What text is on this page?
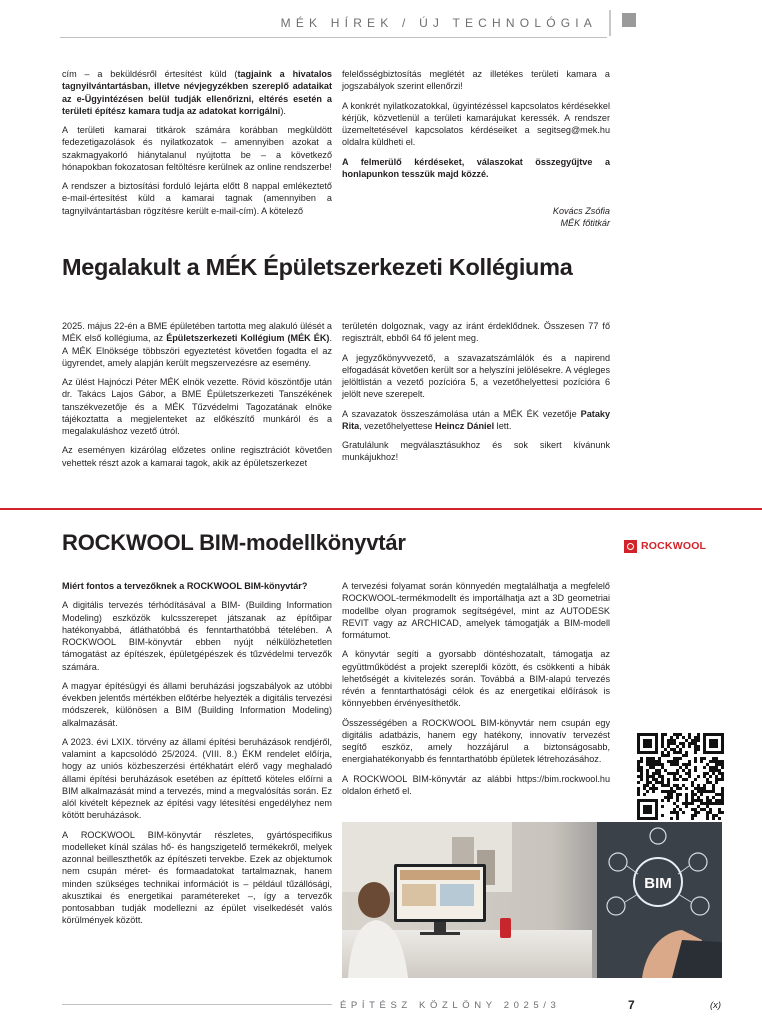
MÉK HÍREK / ÚJ TECHNOLÓGIA

cím – a beküldésről értesítést küld (tagjaink a hivatalos tagnyilvántartásban, illetve névjegyzékben szereplő adataikat az e-Ügyintézésen belül tudják ellenőrizni, eltérés esetén a területi építész kamara tudja az adatokat korrigálni).

A területi kamarai titkárok számára korábban megküldött fedezetigazolások és nyilatkozatok – amennyiben azokat a szakmagyakorló hiánytalanul nyújtotta be – a következő hónapokban fokozatosan feltöltésre kerülnek az online rendszerbe!

A rendszer a biztosítási forduló lejárta előtt 8 nappal emlékeztető e-mail-értesítést küld a kamarai tagnak (amennyiben a tagnyilvántartásban rögzítésre került e-mail-cím). A kötelező

felelősségbiztosítás meglétét az illetékes területi kamara a jogszabályok szerint ellenőrzi!

A konkrét nyilatkozatokkal, ügyintézéssel kapcsolatos kérdésekkel kérjük, közvetlenül a területi kamarájukat keressék. A rendszer üzemeltetésével kapcsolatos kérdéseiket a segitseg@mek.hu oldalra küldheti el.

A felmerülő kérdéseket, válaszokat összegyűjtve a honlapunkon tesszük majd közzé.

Kovács Zsófia

MÉK főtitkár

Megalakult a MÉK Épületszerkezeti Kollégiuma

2025. május 22-én a BME épületében tartotta meg alakuló ülését a MÉK első kollégiuma, az Épületszerkezeti Kollégium (MÉK ÉK). A MÉK Elnöksége többszöri egyeztetést követően fogadta el az ügyrendet, amely alapján került megszervezésre az esemény.

Az ülést Hajnóczi Péter MÉK elnök vezette. Rövid köszöntője után dr. Takács Lajos Gábor, a BME Épületszerkezeti Tanszékének tanszékvezetője és a MÉK Tűzvédelmi Tagozatának elnöke tájékoztatta a megjelenteket az előkészítő munkáról és a megalakuláshoz vezető útról.

Az eseményen kizárólag előzetes online regisztrációt követően vehettek részt azok a kamarai tagok, akik az épületszerkezet

területén dolgoznak, vagy az iránt érdeklődnek. Összesen 77 fő regisztrált, ebből 64 fő jelent meg.

A jegyzőkönyvvezető, a szavazatszámlálók és a napirend elfogadását követően került sor a helyszíni jelölésekre. A végleges jelöltlistán a vezető pozícióra 5, a vezetőhelyettesi pozícióra 6 jelölt neve szerepelt.

A szavazatok összeszámolása után a MÉK ÉK vezetője Pataky Rita, vezetőhelyettese Heincz Dániel lett.

Gratulálunk megválasztásukhoz és sok sikert kívánunk munkájukhoz!

ROCKWOOL BIM-modellkönyvtár	ROCKWOOL

Miért fontos a tervezőknek a ROCKWOOL BIM-könyvtár?

A digitális tervezés térhódításával a BIM- (Building Information Modeling) eszközök kulcsszerepet játszanak az építőipar hatékonyabbá, átláthatóbbá és fenntarthatóbbá tételében. A ROCKWOOL BIM-könyvtár ebben nyújt nélkülözhetetlen támogatást az építészek, épületgépészek és tűzvédelmi tervezők számára.

A magyar építésügyi és állami beruházási jogszabályok az utóbbi években jelentős mértékben előtérbe helyezték a digitális tervezési módszerek, különösen a BIM (Building Information Modeling) alkalmazását.

A 2023. évi LXIX. törvény az állami építési beruházások rendjéről, valamint a kapcsolódó 25/2024. (VIII. 8.) ÉKM rendelet előírja, hogy az uniós közbeszerzési értékhatárt elérő vagy meghaladó állami építési beruházások esetében az építtető köteles előírni a BIM alkalmazását mind a tervezés, mind a megvalósítás során. Ez alól kivételt képeznek az építési vagy létesítési engedélyhez nem kötött beruházások.

A ROCKWOOL BIM-könyvtár részletes, gyártóspecifikus modelleket kínál szálas hő- és hangszigetelő termékekről, melyek azonnal beilleszthetők az építészeti tervekbe. Ezek az objektumok nem csupán méret- és formaadatokat tartalmaznak, hanem minden szükséges technikai információt is – például tűzállósági, akusztikai és energetikai paramétereket –, így a tervezők pontosabban tudják modellezni az épület viselkedését valós körülmények között.

A tervezési folyamat során könnyedén megtalálhatja a megfelelő ROCKWOOL-termékmodellt és importálhatja azt a 3D geometriai modellbe olyan programok segítségével, mint az AUTODESK REVIT vagy az ARCHICAD, amelyek támogatják a BIM-modell formátumot.

A könyvtár segíti a gyorsabb döntéshozatalt, támogatja az együttműködést a projekt szereplői között, és csökkenti a hibák lehetőségét a kivitelezés során. Továbbá a BIM-alapú tervezés révén a fenntarthatósági célok és az energetikai előírások is könnyebben érvényesíthetők.

Összességében a ROCKWOOL BIM-könyvtár nem csupán egy digitális adatbázis, hanem egy hatékony, innovatív tervezést segítő eszköz, amely hozzájárul a biztonságosabb, energiahatékonyabb és fenntarthatóbb épületek létrehozásához.

A ROCKWOOL BIM-könyvtár az alábbi https://bim.rockwool.hu oldalon érhető el.

BIM
ÉPÍTÉSZ KÖZLÖNY 2025/3	7	(x)
